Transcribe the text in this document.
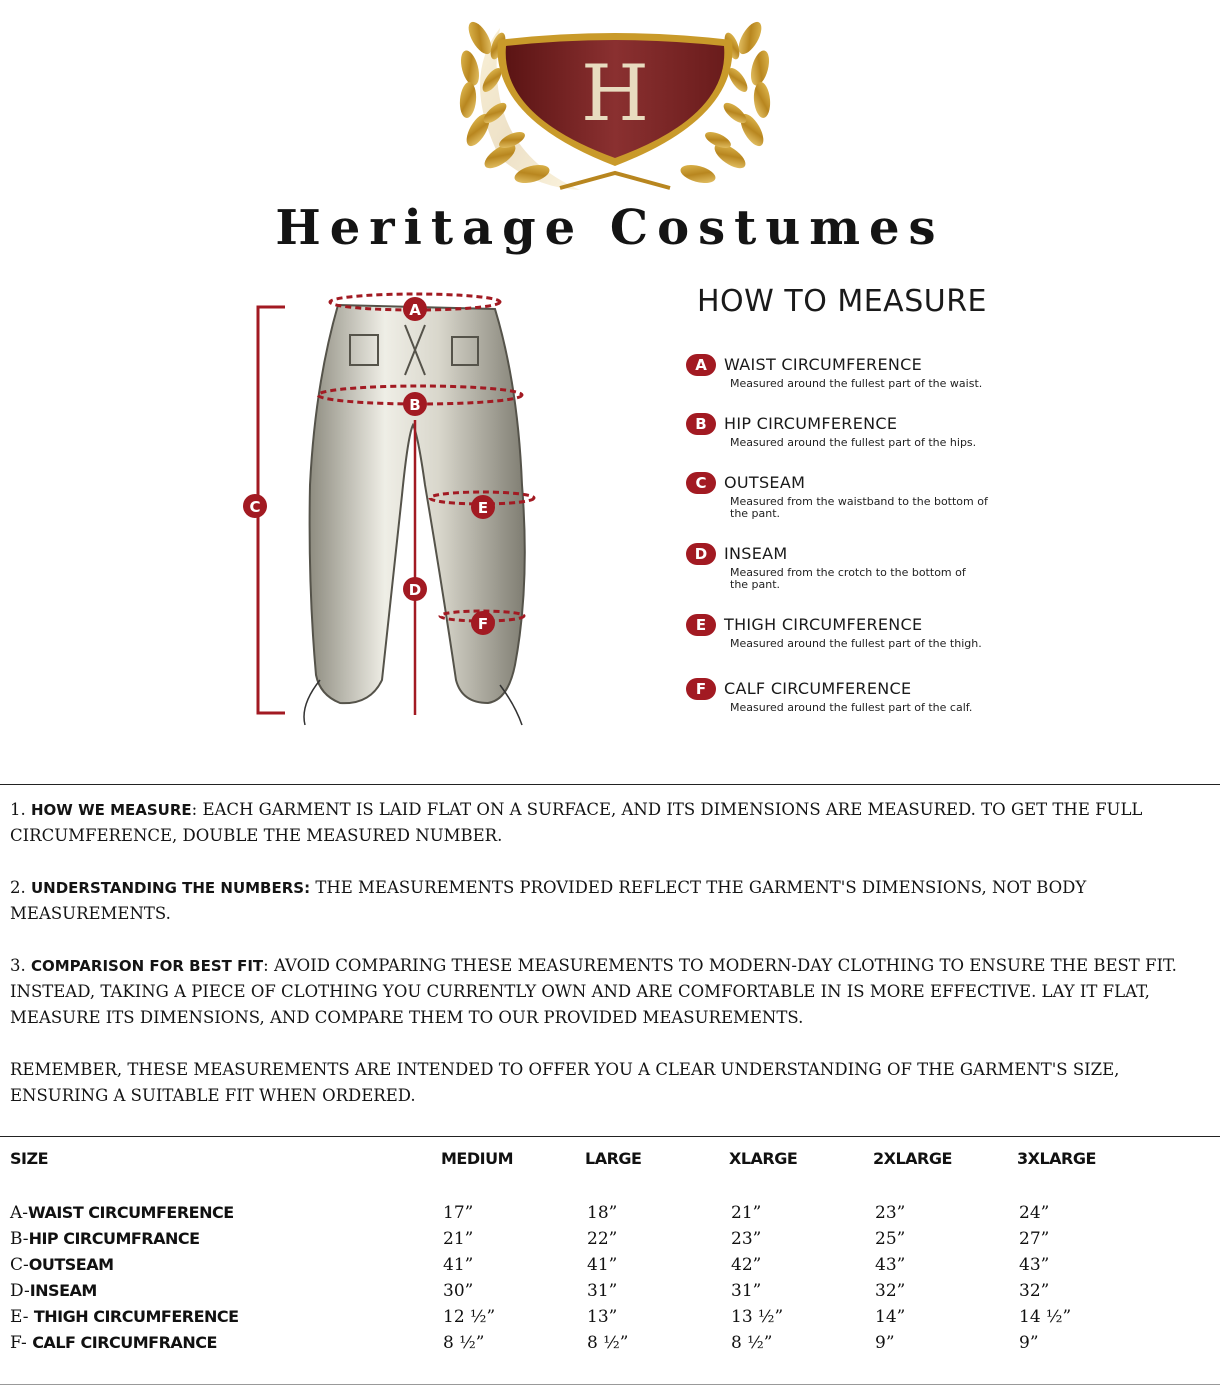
H
Heritage Costumes
A
B
C
D
E
F
HOW TO MEASURE
A	WAIST CIRCUMFERENCE
Measured around the fullest part of the waist.
B	HIP CIRCUMFERENCE
Measured around the fullest part of the hips.
C	OUTSEAM
Measured from the waistband to the bottom of the pant.
D	INSEAM
Measured from the crotch to the bottom of the pant.
E	THIGH CIRCUMFERENCE
Measured around the fullest part of the thigh.
F	CALF CIRCUMFERENCE
Measured around the fullest part of the calf.

1. HOW WE MEASURE: EACH GARMENT IS LAID FLAT ON A SURFACE, AND ITS DIMENSIONS ARE MEASURED. TO GET THE FULL CIRCUMFERENCE, DOUBLE THE MEASURED NUMBER.

2. UNDERSTANDING THE NUMBERS: THE MEASUREMENTS PROVIDED REFLECT THE GARMENT'S DIMENSIONS, NOT BODY MEASUREMENTS.

3. COMPARISON FOR BEST FIT: AVOID COMPARING THESE MEASUREMENTS TO MODERN-DAY CLOTHING TO ENSURE THE BEST FIT. INSTEAD, TAKING A PIECE OF CLOTHING YOU CURRENTLY OWN AND ARE COMFORTABLE IN IS MORE EFFECTIVE. LAY IT FLAT, MEASURE ITS DIMENSIONS, AND COMPARE THEM TO OUR PROVIDED MEASUREMENTS.

REMEMBER, THESE MEASUREMENTS ARE INTENDED TO OFFER YOU A CLEAR UNDERSTANDING OF THE GARMENT'S SIZE, ENSURING A SUITABLE FIT WHEN ORDERED.

SIZE	MEDIUM	LARGE	XLARGE	2XLARGE	3XLARGE
A-WAIST CIRCUMFERENCE	17”	18”	21”	23”	24”
B-HIP CIRCUMFRANCE	21”	22”	23”	25”	27”
C-OUTSEAM	41”	41”	42”	43”	43”
D-INSEAM	30”	31”	31”	32”	32”
E- THIGH CIRCUMFERENCE	12 ½”	13”	13 ½”	14”	14 ½”
F- CALF CIRCUMFRANCE	8 ½”	8 ½”	8 ½”	9”	9”
